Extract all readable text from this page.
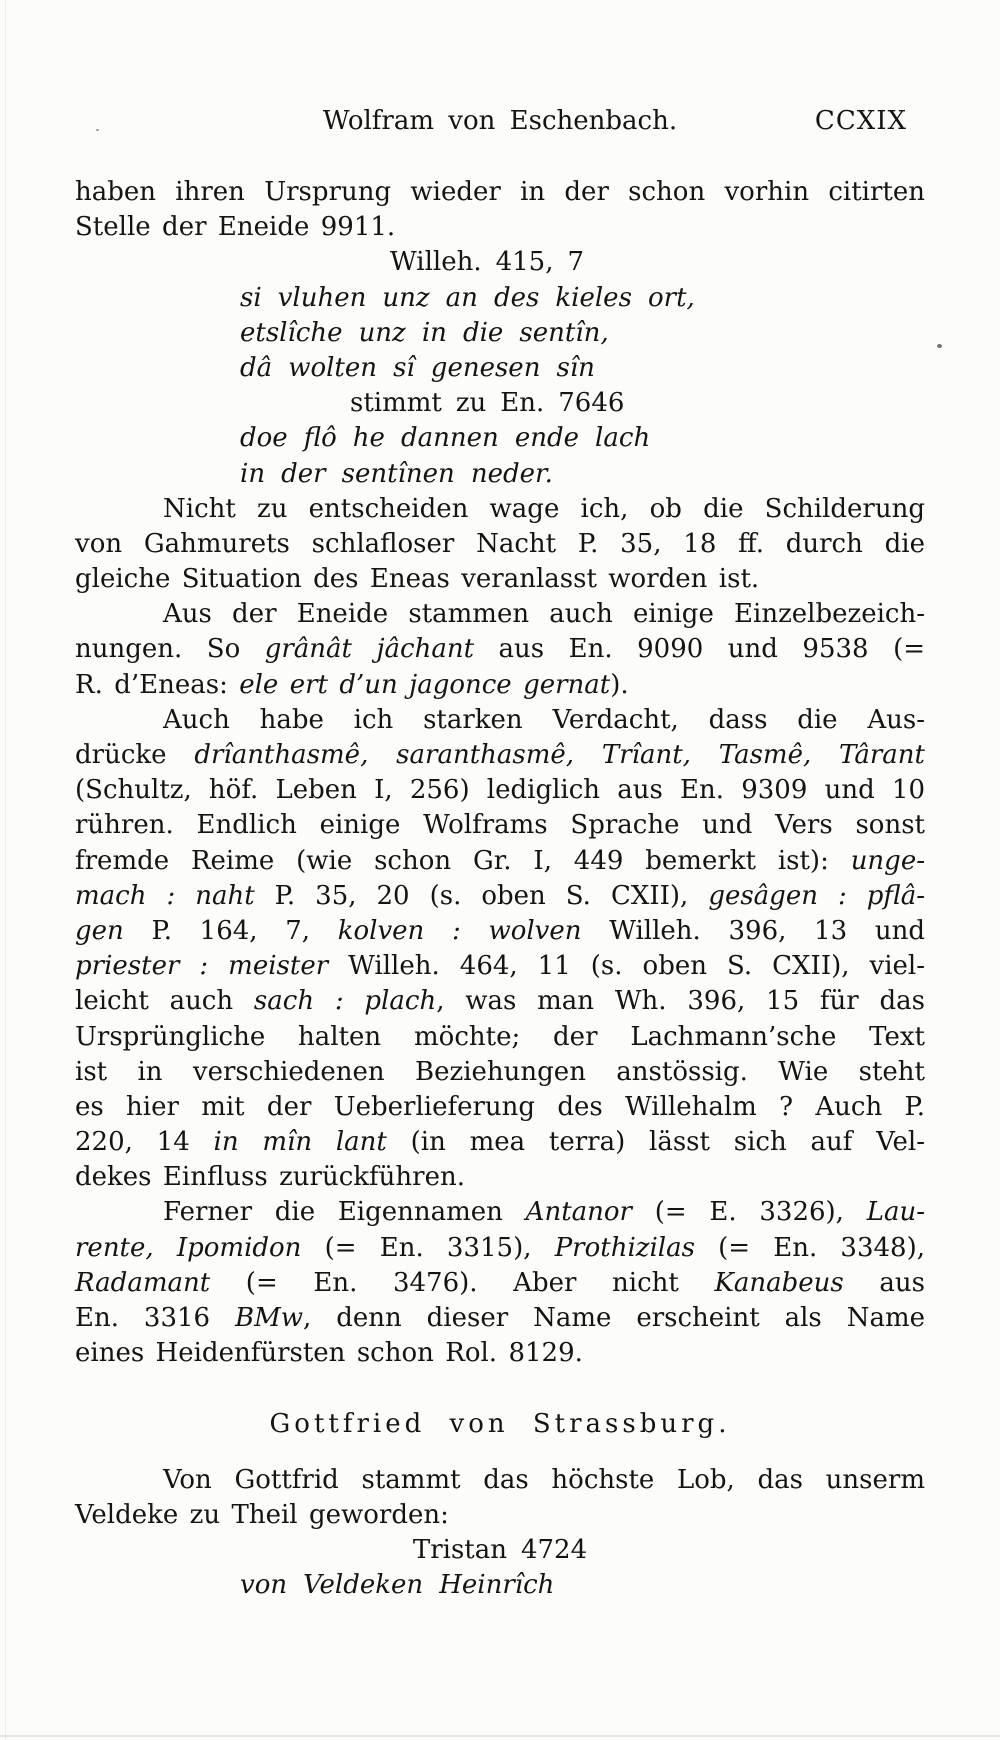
Wolfram von Eschenbach.	CCXIX
haben ihren Ursprung wieder in der schon vorhin citirten
Stelle der Eneide 9911.
Willeh. 415, 7
si vluhen unz an des kieles ort,
etslîche unz in die sentîn,
dâ wolten sî genesen sîn
stimmt zu En. 7646
doe flô he dannen ende lach
in der sentînen neder.
Nicht zu entscheiden wage ich, ob die Schilderung
von Gahmurets schlafloser Nacht P. 35, 18 ff. durch die
gleiche Situation des Eneas veranlasst worden ist.
Aus der Eneide stammen auch einige Einzelbezeich-
nungen. So grânât jâchant aus En. 9090 und 9538 (=
R. d’Eneas: ele ert d’un jagonce gernat).
Auch habe ich starken Verdacht, dass die Aus-
drücke drîanthasmê, saranthasmê, Trîant, Tasmê, Târant
(Schultz, höf. Leben I, 256) lediglich aus En. 9309 und 10
rühren. Endlich einige Wolframs Sprache und Vers sonst
fremde Reime (wie schon Gr. I, 449 bemerkt ist): unge-
mach : naht P. 35, 20 (s. oben S. CXII), gesâgen : pflâ-
gen P. 164, 7, kolven : wolven Willeh. 396, 13 und
priester : meister Willeh. 464, 11 (s. oben S. CXII), viel-
leicht auch sach : plach, was man Wh. 396, 15 für das
Ursprüngliche halten möchte; der Lachmann’sche Text
ist in verschiedenen Beziehungen anstössig. Wie steht
es hier mit der Ueberlieferung des Willehalm ? Auch P.
220, 14 in mîn lant (in mea terra) lässt sich auf Vel-
dekes Einfluss zurückführen.
Ferner die Eigennamen Antanor (= E. 3326), Lau-
rente, Ipomidon (= En. 3315), Prothizilas (= En. 3348),
Radamant (= En. 3476). Aber nicht Kanabeus aus
En. 3316 BMw, denn dieser Name erscheint als Name
eines Heidenfürsten schon Rol. 8129.
Gottfried von Strassburg.
Von Gottfrid stammt das höchste Lob, das unserm
Veldeke zu Theil geworden:
Tristan 4724
von Veldeken Heinrîch
